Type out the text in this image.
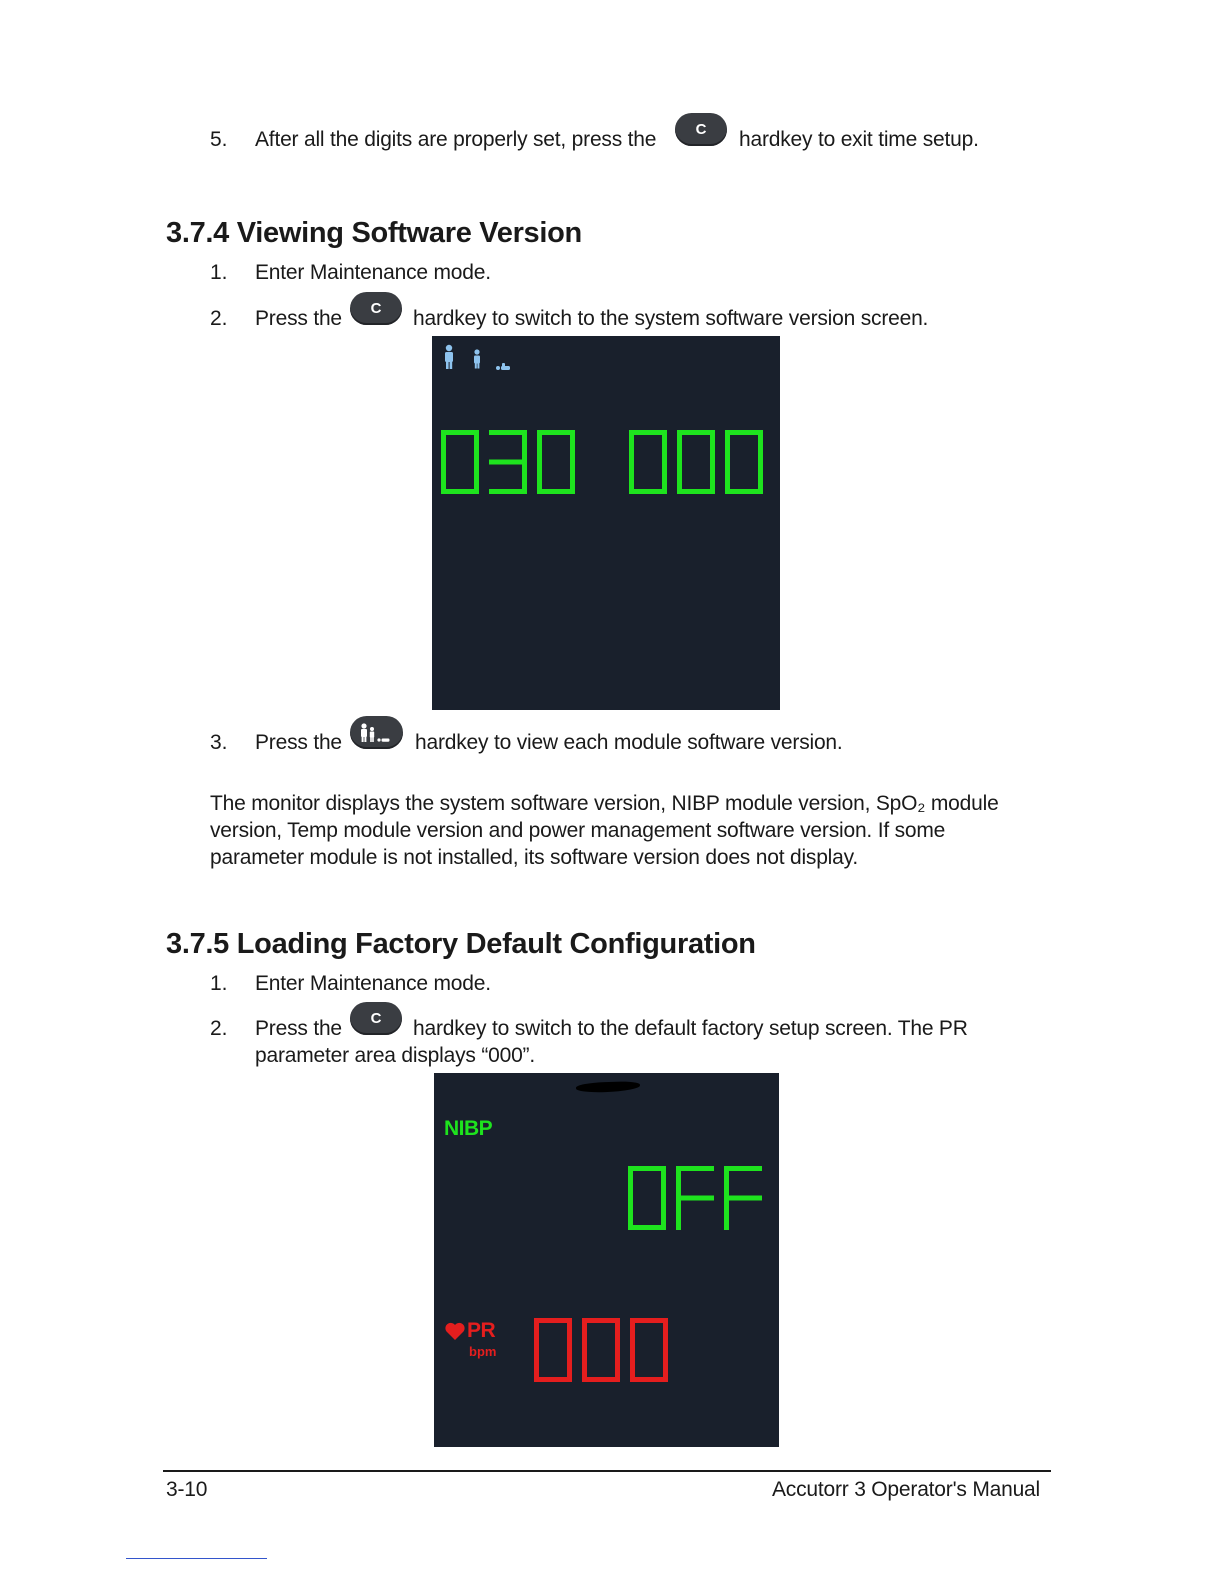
5. After all the digits are properly set, press the	C	hardkey to exit time setup.
3.7.4 Viewing Software Version
1. Enter Maintenance mode.
2. Press the	C	hardkey to switch to the system software version screen.
3. Press the	hardkey to view each module software version.
The monitor displays the system software version, NIBP module version, SpO₂ module
version, Temp module version and power management software version. If some
parameter module is not installed, its software version does not display.
3.7.5 Loading Factory Default Configuration
1. Enter Maintenance mode.
2. Press the	C	hardkey to switch to the default factory setup screen. The PR
parameter area displays “000”.
NIBP
PR
bpm
3-10	Accutorr 3 Operator's Manual
